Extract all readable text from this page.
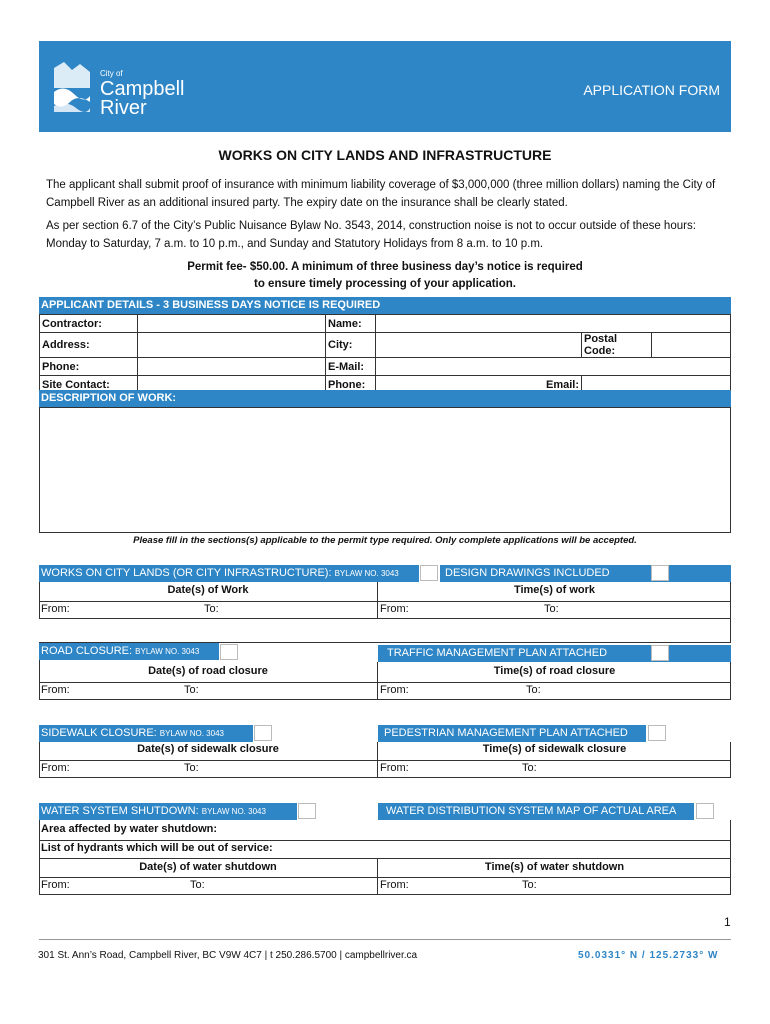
City of
Campbell River
APPLICATION FORM
WORKS ON CITY LANDS AND INFRASTRUCTURE
The applicant shall submit proof of insurance with minimum liability coverage of $3,000,000 (three million dollars) naming the City of Campbell River as an additional insured party. The expiry date on the insurance shall be clearly stated.
As per section 6.7 of the City’s Public Nuisance Bylaw No. 3543, 2014, construction noise is not to occur outside of these hours: Monday to Saturday, 7 a.m. to 10 p.m., and Sunday and Statutory Holidays from 8 a.m. to 10 p.m.
Permit fee- $50.00. A minimum of three business day’s notice is required
to ensure timely processing of your application.
APPLICANT DETAILS - 3 BUSINESS DAYS NOTICE IS REQUIRED
Contractor:		Name:			
Address:		City:		Postal Code:	
Phone:		E-Mail:			
Site Contact:		Phone:	Email:		
DESCRIPTION OF WORK:
Please fill in the sections(s) applicable to the permit type required. Only complete applications will be accepted.
WORKS ON CITY LANDS (OR CITY INFRASTRUCTURE): BYLAW NO. 3043	DESIGN DRAWINGS INCLUDED
Date(s) of Work	Time(s) of work
From:	To:	From:	To:
ROAD CLOSURE: BYLAW NO. 3043	TRAFFIC MANAGEMENT PLAN ATTACHED
Date(s) of road closure	Time(s) of road closure
From:	To:	From:	To:
SIDEWALK CLOSURE: BYLAW NO. 3043	PEDESTRIAN MANAGEMENT PLAN ATTACHED
Date(s) of sidewalk closure	Time(s) of sidewalk closure
From:	To:	From:	To:
WATER SYSTEM SHUTDOWN: BYLAW NO. 3043	WATER DISTRIBUTION SYSTEM MAP OF ACTUAL AREA
Area affected by water shutdown:
List of hydrants which will be out of service:
Date(s) of water shutdown	Time(s) of water shutdown
From:	To:	From:	To:
1
301 St. Ann’s Road, Campbell River, BC V9W 4C7 | t 250.286.5700 | campbellriver.ca	50.0331° N / 125.2733° W
